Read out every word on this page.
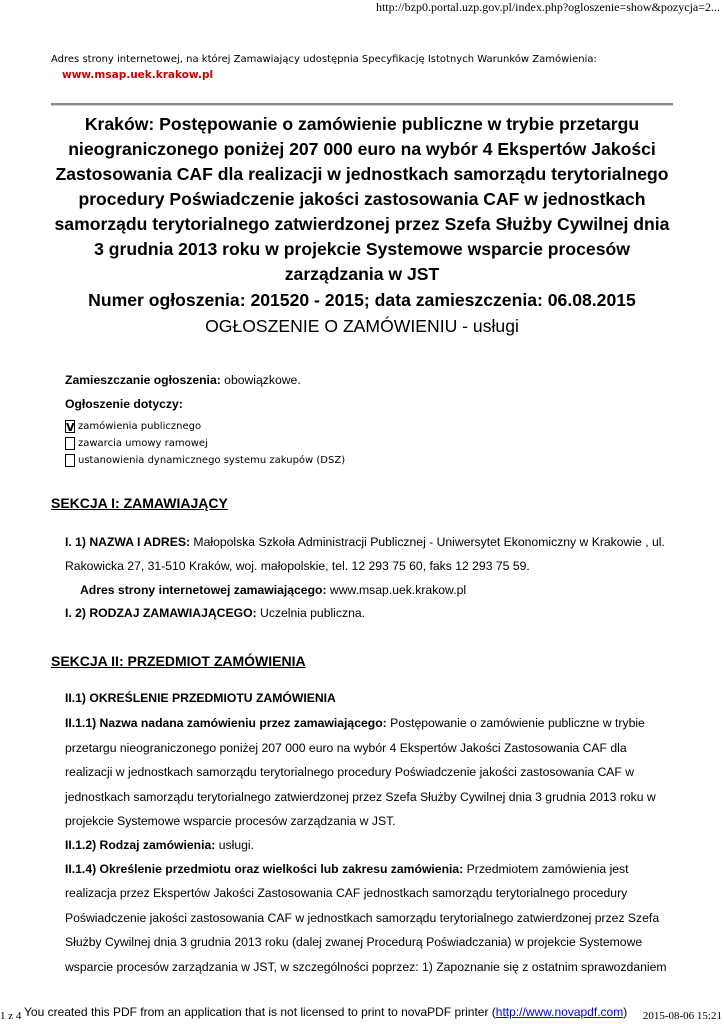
http://bzp0.portal.uzp.gov.pl/index.php?ogloszenie=show&pozycja=2...
Adres strony internetowej, na której Zamawiający udostępnia Specyfikację Istotnych Warunków Zamówienia:
www.msap.uek.krakow.pl
Kraków: Postępowanie o zamówienie publiczne w trybie przetargu
nieograniczonego poniżej 207 000 euro na wybór 4 Ekspertów Jakości
Zastosowania CAF dla realizacji w jednostkach samorządu terytorialnego
procedury Poświadczenie jakości zastosowania CAF w jednostkach
samorządu terytorialnego zatwierdzonej przez Szefa Służby Cywilnej dnia
3 grudnia 2013 roku w projekcie Systemowe wsparcie procesów
zarządzania w JST
Numer ogłoszenia: 201520 - 2015; data zamieszczenia: 06.08.2015
OGŁOSZENIE O ZAMÓWIENIU - usługi
Zamieszczanie ogłoszenia: obowiązkowe.
Ogłoszenie dotyczy:
V zamówienia publicznego
zawarcia umowy ramowej
ustanowienia dynamicznego systemu zakupów (DSZ)
SEKCJA I: ZAMAWIAJĄCY
I. 1) NAZWA I ADRES: Małopolska Szkoła Administracji Publicznej - Uniwersytet Ekonomiczny w Krakowie , ul.
Rakowicka 27, 31-510 Kraków, woj. małopolskie, tel. 12 293 75 60, faks 12 293 75 59.
Adres strony internetowej zamawiającego: www.msap.uek.krakow.pl
I. 2) RODZAJ ZAMAWIAJĄCEGO: Uczelnia publiczna.
SEKCJA II: PRZEDMIOT ZAMÓWIENIA
II.1) OKREŚLENIE PRZEDMIOTU ZAMÓWIENIA
II.1.1) Nazwa nadana zamówieniu przez zamawiającego: Postępowanie o zamówienie publiczne w trybie
przetargu nieograniczonego poniżej 207 000 euro na wybór 4 Ekspertów Jakości Zastosowania CAF dla
realizacji w jednostkach samorządu terytorialnego procedury Poświadczenie jakości zastosowania CAF w
jednostkach samorządu terytorialnego zatwierdzonej przez Szefa Służby Cywilnej dnia 3 grudnia 2013 roku w
projekcie Systemowe wsparcie procesów zarządzania w JST.
II.1.2) Rodzaj zamówienia: usługi.
II.1.4) Określenie przedmiotu oraz wielkości lub zakresu zamówienia: Przedmiotem zamówienia jest
realizacja przez Ekspertów Jakości Zastosowania CAF jednostkach samorządu terytorialnego procedury
Poświadczenie jakości zastosowania CAF w jednostkach samorządu terytorialnego zatwierdzonej przez Szefa
Służby Cywilnej dnia 3 grudnia 2013 roku (dalej zwanej Procedurą Poświadczania) w projekcie Systemowe
wsparcie procesów zarządzania w JST, w szczególności poprzez: 1) Zapoznanie się z ostatnim sprawozdaniem
1 z 4 You created this PDF from an application that is not licensed to print to novaPDF printer (http://www.novapdf.com) 2015-08-06 15:21
